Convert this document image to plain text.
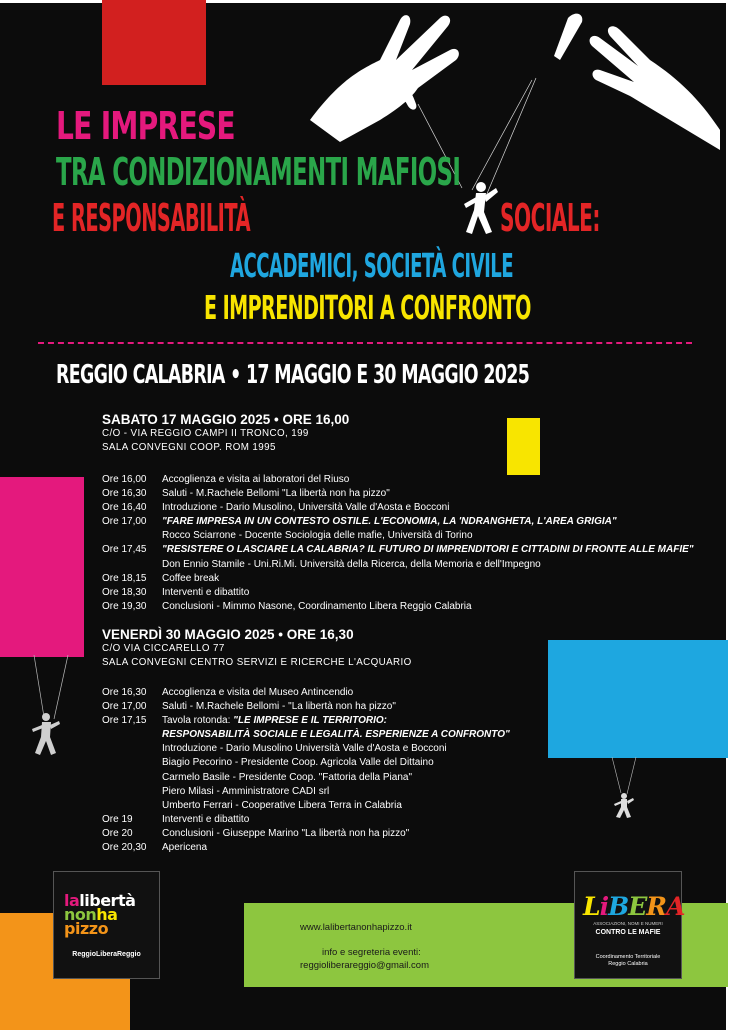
LE IMPRESE
TRA CONDIZIONAMENTI MAFIOSI
E RESPONSABILITÀ	SOCIALE:
ACCADEMICI, SOCIETÀ CIVILE
E IMPRENDITORI A CONFRONTO
REGGIO CALABRIA • 17 MAGGIO E 30 MAGGIO 2025
SABATO 17 MAGGIO 2025 • ORE 16,00
C/O - VIA REGGIO CAMPI II TRONCO, 199
SALA CONVEGNI COOP. ROM 1995
Ore 16,00	Accoglienza e visita ai laboratori del Riuso
Ore 16,30	Saluti - M.Rachele Bellomi "La libertà non ha pizzo"
Ore 16,40	Introduzione - Dario Musolino, Università Valle d'Aosta e Bocconi
Ore 17,00	"FARE IMPRESA IN UN CONTESTO OSTILE. L'ECONOMIA, LA 'NDRANGHETA, L'AREA GRIGIA"
Rocco Sciarrone - Docente Sociologia delle mafie, Università di Torino
Ore 17,45	"RESISTERE O LASCIARE LA CALABRIA? IL FUTURO DI IMPRENDITORI E CITTADINI DI FRONTE ALLE MAFIE"
Don Ennio Stamile - Uni.Ri.Mi. Università della Ricerca, della Memoria e dell'Impegno
Ore 18,15	Coffee break
Ore 18,30	Interventi e dibattito
Ore 19,30	Conclusioni - Mimmo Nasone, Coordinamento Libera Reggio Calabria
VENERDÌ 30 MAGGIO 2025 • ORE 16,30
C/O VIA CICCARELLO 77
SALA CONVEGNI CENTRO SERVIZI E RICERCHE L'ACQUARIO
Ore 16,30	Accoglienza e visita del Museo Antincendio
Ore 17,00	Saluti - M.Rachele Bellomi - "La libertà non ha pizzo"
Ore 17,15	Tavola rotonda:
"LE IMPRESE E IL TERRITORIO:
RESPONSABILITÀ SOCIALE E LEGALITÀ. ESPERIENZE A CONFRONTO"
Introduzione - Dario Musolino Università Valle d'Aosta e Bocconi
Biagio Pecorino - Presidente Coop. Agricola Valle del Dittaino
Carmelo Basile - Presidente Coop. "Fattoria della Piana"
Piero Milasi - Amministratore CADI srl
Umberto Ferrari - Cooperative Libera Terra in Calabria
Ore 19	Interventi e dibattito
Ore 20	Conclusioni - Giuseppe Marino "La libertà non ha pizzo"
Ore 20,30	Apericena
lalibertà
nonha
pizzo
ReggioLiberaReggio
www.lalibertanonhapizzo.it
info e segreteria eventi:
reggioliberareggio@gmail.com
LiBERA
ASSOCIAZIONI, NOMI E NUMERI
CONTRO LE MAFIE
Coordinamento Territoriale
Reggio Calabria
